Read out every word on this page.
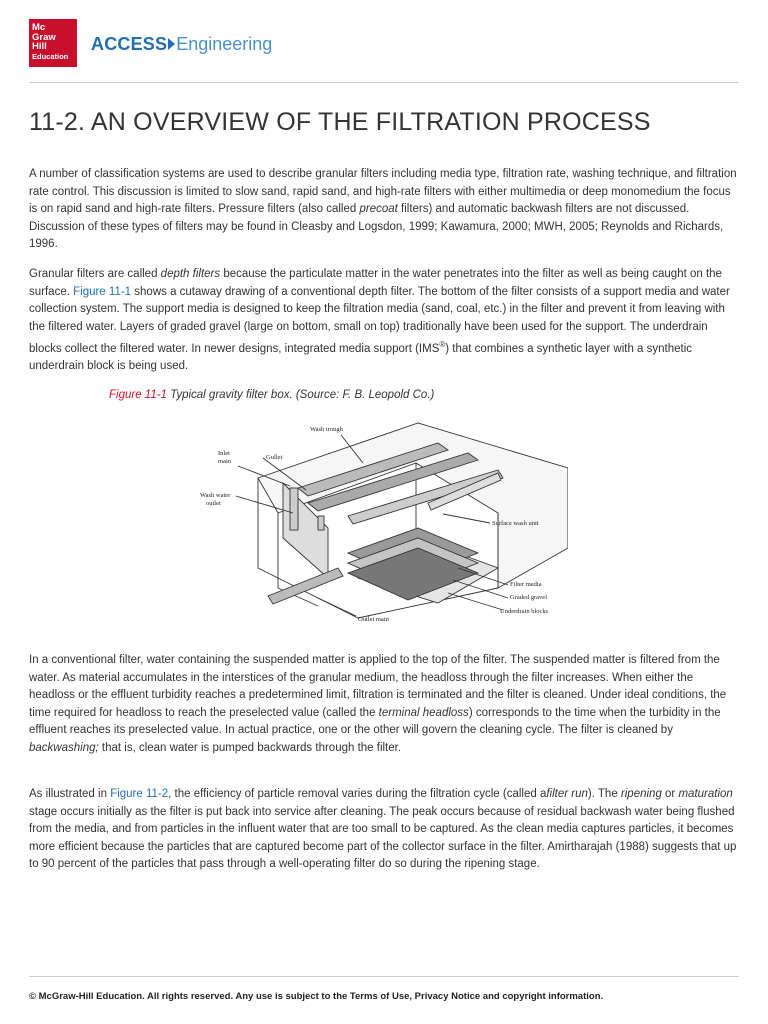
Mc
Graw
Hill
Education
ACCESS Engineering
11-2. AN OVERVIEW OF THE FILTRATION PROCESS

A number of classification systems are used to describe granular filters including media type, filtration rate, washing technique, and filtration rate control. This discussion is limited to slow sand, rapid sand, and high-rate filters with either multimedia or deep monomedium the focus is on rapid sand and high-rate filters. Pressure filters (also called precoat filters) and automatic backwash filters are not discussed. Discussion of these types of filters may be found in Cleasby and Logsdon, 1999; Kawamura, 2000; MWH, 2005; Reynolds and Richards, 1996.

Granular filters are called depth filters because the particulate matter in the water penetrates into the filter as well as being caught on the surface. Figure 11-1 shows a cutaway drawing of a conventional depth filter. The bottom of the filter consists of a support media and water collection system. The support media is designed to keep the filtration media (sand, coal, etc.) in the filter and prevent it from leaving with the filtered water. Layers of graded gravel (large on bottom, small on top) traditionally have been used for the support. The underdrain blocks collect the filtered water. In newer designs, integrated media support (IMS®) that combines a synthetic layer with a synthetic underdrain block is being used.

Figure 11-1 Typical gravity filter box. (Source: F. B. Leopold Co.)

Wash trough
Inlet
main
Gullet
Wash water
outlet
Surface wash unit
Filter media
Graded gravel
Underdrain blocks
Outlet main

In a conventional filter, water containing the suspended matter is applied to the top of the filter. The suspended matter is filtered from the water. As material accumulates in the interstices of the granular medium, the headloss through the filter increases. When either the headloss or the effluent turbidity reaches a predetermined limit, filtration is terminated and the filter is cleaned. Under ideal conditions, the time required for headloss to reach the preselected value (called the terminal headloss) corresponds to the time when the turbidity in the effluent reaches its preselected value. In actual practice, one or the other will govern the cleaning cycle. The filter is cleaned by backwashing; that is, clean water is pumped backwards through the filter.

As illustrated in Figure 11-2, the efficiency of particle removal varies during the filtration cycle (called afilter run). The ripening or maturation stage occurs initially as the filter is put back into service after cleaning. The peak occurs because of residual backwash water being flushed from the media, and from particles in the influent water that are too small to be captured. As the clean media captures particles, it becomes more efficient because the particles that are captured become part of the collector surface in the filter. Amirtharajah (1988) suggests that up to 90 percent of the particles that pass through a well-operating filter do so during the ripening stage.

© McGraw-Hill Education. All rights reserved. Any use is subject to the Terms of Use, Privacy Notice and copyright information.
